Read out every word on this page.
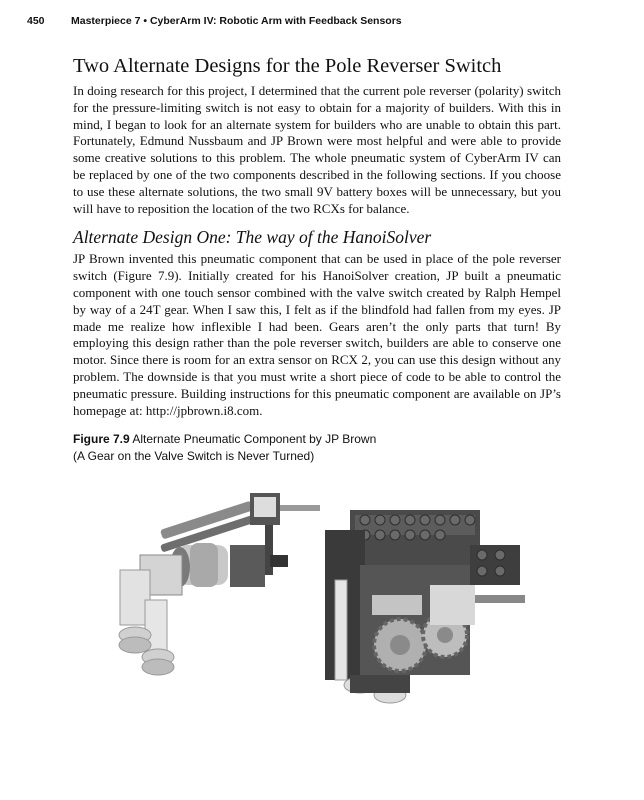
450	Masterpiece 7 • CyberArm IV: Robotic Arm with Feedback Sensors
Two Alternate Designs for the Pole Reverser Switch

In doing research for this project, I determined that the current pole reverser (polarity) switch for the pressure-limiting switch is not easy to obtain for a majority of builders. With this in mind, I began to look for an alternate system for builders who are unable to obtain this part. Fortunately, Edmund Nussbaum and JP Brown were most helpful and were able to provide some creative solutions to this problem. The whole pneumatic system of CyberArm IV can be replaced by one of the two components described in the following sections. If you choose to use these alternate solutions, the two small 9V battery boxes will be unnecessary, but you will have to reposition the location of the two RCXs for balance.

Alternate Design One: The way of the HanoiSolver

JP Brown invented this pneumatic component that can be used in place of the pole reverser switch (Figure 7.9). Initially created for his HanoiSolver creation, JP built a pneumatic component with one touch sensor combined with the valve switch created by Ralph Hempel by way of a 24T gear. When I saw this, I felt as if the blindfold had fallen from my eyes. JP made me realize how inflexible I had been. Gears aren’t the only parts that turn! By employing this design rather than the pole reverser switch, builders are able to conserve one motor. Since there is room for an extra sensor on RCX 2, you can use this design without any problem. The downside is that you must write a short piece of code to be able to control the pneumatic pressure. Building instructions for this pneumatic component are available on JP’s homepage at: http://jpbrown.i8.com.

Figure 7.9 Alternate Pneumatic Component by JP Brown
(A Gear on the Valve Switch is Never Turned)
